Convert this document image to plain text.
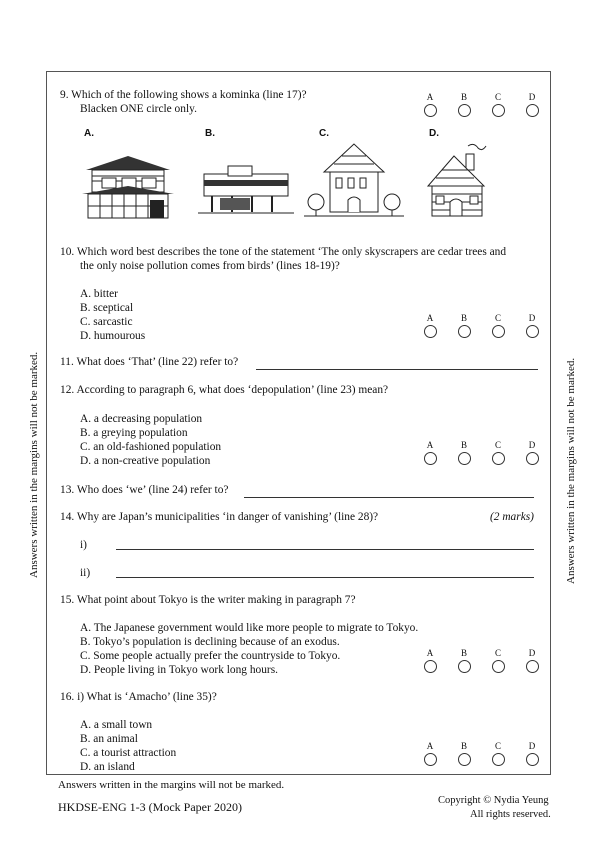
Answers written in the margins will not be marked.	Answers written in the margins will not be marked.
9. Which of the following shows a kominka (line 17)?
Blacken ONE circle only.
A	B	C	D
A.	B.	C.	D.
10. Which word best describes the tone of the statement ‘The only skyscrapers are cedar trees and
the only noise pollution comes from birds’ (lines 18-19)?
A. bitter
B. sceptical
C. sarcastic
D. humourous
A	B	C	D
11. What does ‘That’ (line 22) refer to?
12. According to paragraph 6, what does ‘depopulation’ (line 23) mean?
A. a decreasing population
B. a greying population
C. an old-fashioned population
D. a non-creative population
A	B	C	D
13. Who does ‘we’ (line 24) refer to?
14. Why are Japan’s municipalities ‘in danger of vanishing’ (line 28)?	(2 marks)
i)
ii)
15. What point about Tokyo is the writer making in paragraph 7?
A. The Japanese government would like more people to migrate to Tokyo.
B. Tokyo’s population is declining because of an exodus.
C. Some people actually prefer the countryside to Tokyo.
D. People living in Tokyo work long hours.
A	B	C	D
16. i) What is ‘Amacho’ (line 35)?
A. a small town
B. an animal
C. a tourist attraction
D. an island
A	B	C	D
Answers written in the margins will not be marked.
HKDSE-ENG 1-3 (Mock Paper 2020)	Copyright © Nydia Yeung
All rights reserved.
